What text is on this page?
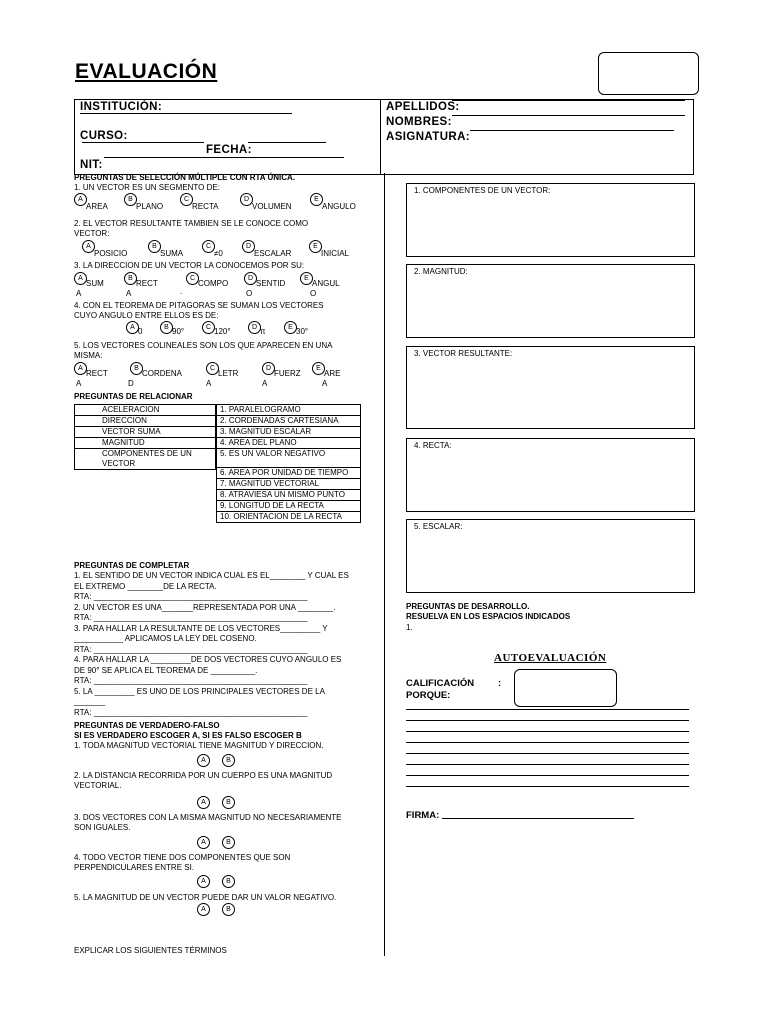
EVALUACIÓN
INSTITUCIÓN:
CURSO:
FECHA:
NIT:
APELLIDOS:
NOMBRES:
ASIGNATURA:
PREGUNTAS DE SELECCIÓN MÚLTIPLE CON RTA ÚNICA.
1. UN VECTOR ES UN SEGMENTO DE:
A
AREA
B
PLANO
C
RECTA
D
VOLUMEN
E
ANGULO
2. EL VECTOR RESULTANTE TAMBIEN SE LE CONOCE COMO
VECTOR:
A
POSICIO
B
SUMA
C
≠0
D
ESCALAR
E
INICIAL
3. LA DIRECCION DE UN VECTOR LA CONOCEMOS POR SU:
A
SUM
B
RECT
C
COMPO
D
SENTID
E
ANGUL
A	A	.	O	O
4. CON EL TEOREMA DE PITAGORAS SE SUMAN LOS VECTORES
CUYO ANGULO ENTRE ELLOS ES DE:
A 0	B 90°	C 120°	D π	E 30°
5. LOS VECTORES COLINEALES SON LOS QUE APARECEN EN UNA
MISMA:
A
RECT
B
CORDENA
C
LETR
D
FUERZ
E
ARE
A	D	A	A	A
PREGUNTAS DE RELACIONAR
ACELERACION
DIRECCION
VECTOR SUMA
MAGNITUD
COMPONENTES DE UN VECTOR
1. PARALELOGRAMO
2. CORDENADAS CARTESIANA
3. MAGNITUD ESCALAR
4. AREA DEL PLANO
5. ES UN VALOR NEGATIVO
6. AREA POR UNIDAD DE TIEMPO
7. MAGNITUD VECTORIAL
8. ATRAVIESA UN MISMO PUNTO
9. LONGITUD DE LA RECTA
10. ORIENTACION DE LA RECTA
PREGUNTAS DE COMPLETAR
1. EL SENTIDO DE UN VECTOR INDICA CUAL ES EL________ Y CUAL ES
EL EXTREMO ________DE LA RECTA.
RTA: ________________________________________________
2. UN VECTOR ES UNA_______REPRESENTADA POR UNA ________.
RTA: ________________________________________________
3. PARA HALLAR LA RESULTANTE DE LOS VECTORES_________ Y
___________ APLICAMOS LA LEY DEL COSENO.
RTA: ________________________________________________
4. PARA HALLAR LA _________DE DOS VECTORES CUYO ANGULO ES
DE 90° SE APLICA EL TEOREMA DE __________.
RTA: ________________________________________________
5. LA _________ ES UNO DE LOS PRINCIPALES VECTORES DE LA
_______
RTA: ________________________________________________
PREGUNTAS DE VERDADERO-FALSO
SI ES VERDADERO ESCOGER A, SI ES FALSO ESCOGER B
1. TODA MAGNITUD VECTORIAL TIENE MAGNITUD Y DIRECCION.
A	B
2. LA DISTANCIA RECORRIDA POR UN CUERPO ES UNA MAGNITUD
VECTORIAL.
A	B
3. DOS VECTORES CON LA MISMA MAGNITUD NO NECESARIAMENTE
SON IGUALES.
A	B
4. TODO VECTOR TIENE DOS COMPONENTES QUE SON
PERPENDICULARES ENTRE SI.
A	B
5. LA MAGNITUD DE UN VECTOR PUEDE DAR UN VALOR NEGATIVO.
A	B
EXPLICAR LOS SIGUIENTES TÉRMINOS
1. COMPONENTES DE UN VECTOR:
2. MAGNITUD:
3. VECTOR RESULTANTE:
4. RECTA:
5. ESCALAR:
PREGUNTAS DE DESARROLLO.
RESUELVA EN LOS ESPACIOS INDICADOS
1.
AUTOEVALUACIÓN
CALIFICACIÓN	:
PORQUE:
FIRMA:
